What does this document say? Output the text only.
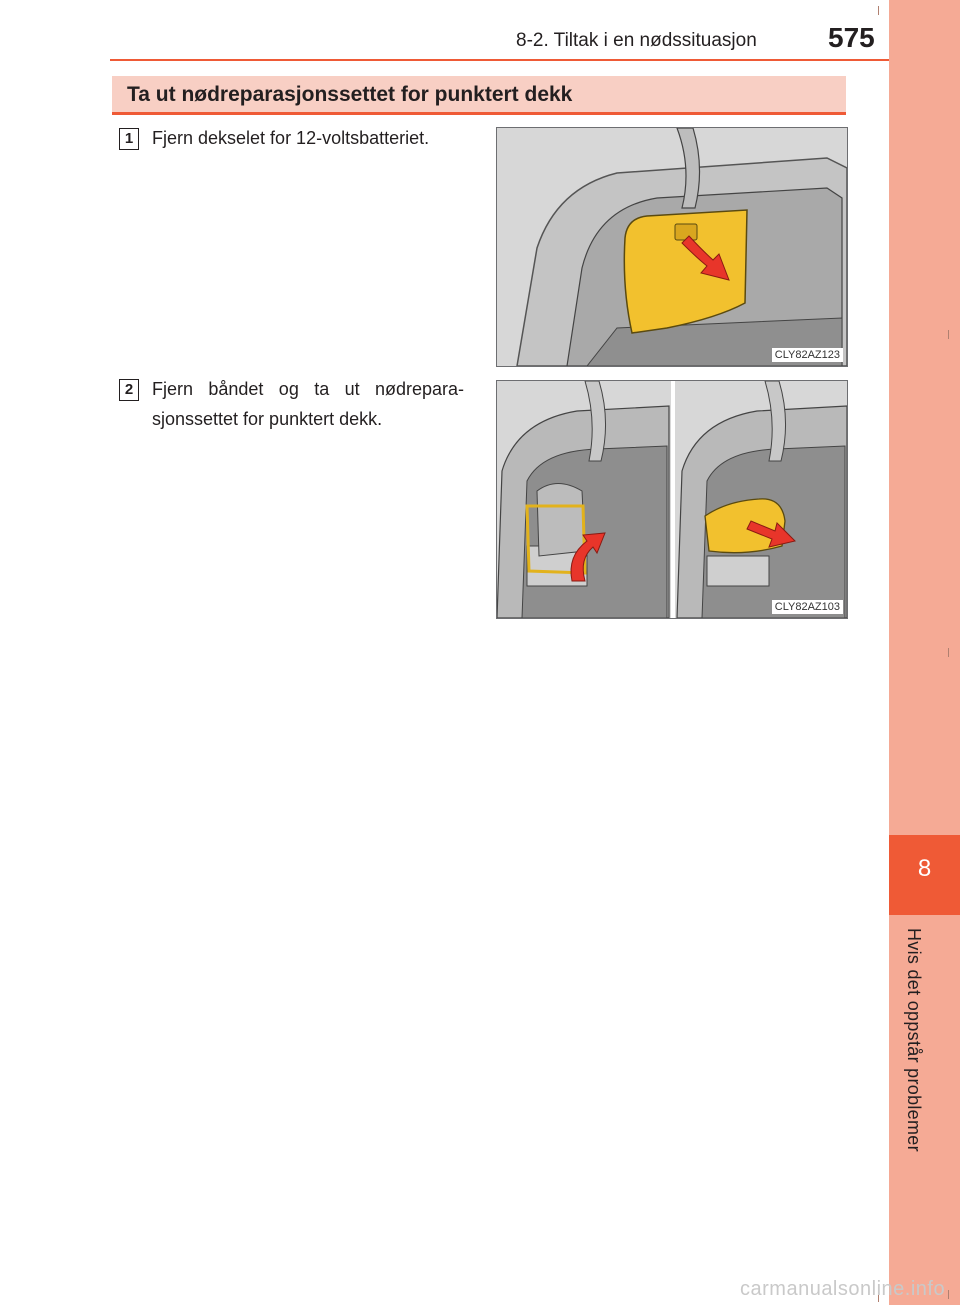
8
Hvis det oppstår problemer
8-2. Tiltak i en nødssituasjon	575
Ta ut nødreparasjonssettet for punktert dekk
1	Fjern dekselet for 12-voltsbatteriet.
CLY82AZ123
2	Fjern båndet og ta ut nødrepara-sjonssettet for punktert dekk.
CLY82AZ103
carmanualsonline.info
